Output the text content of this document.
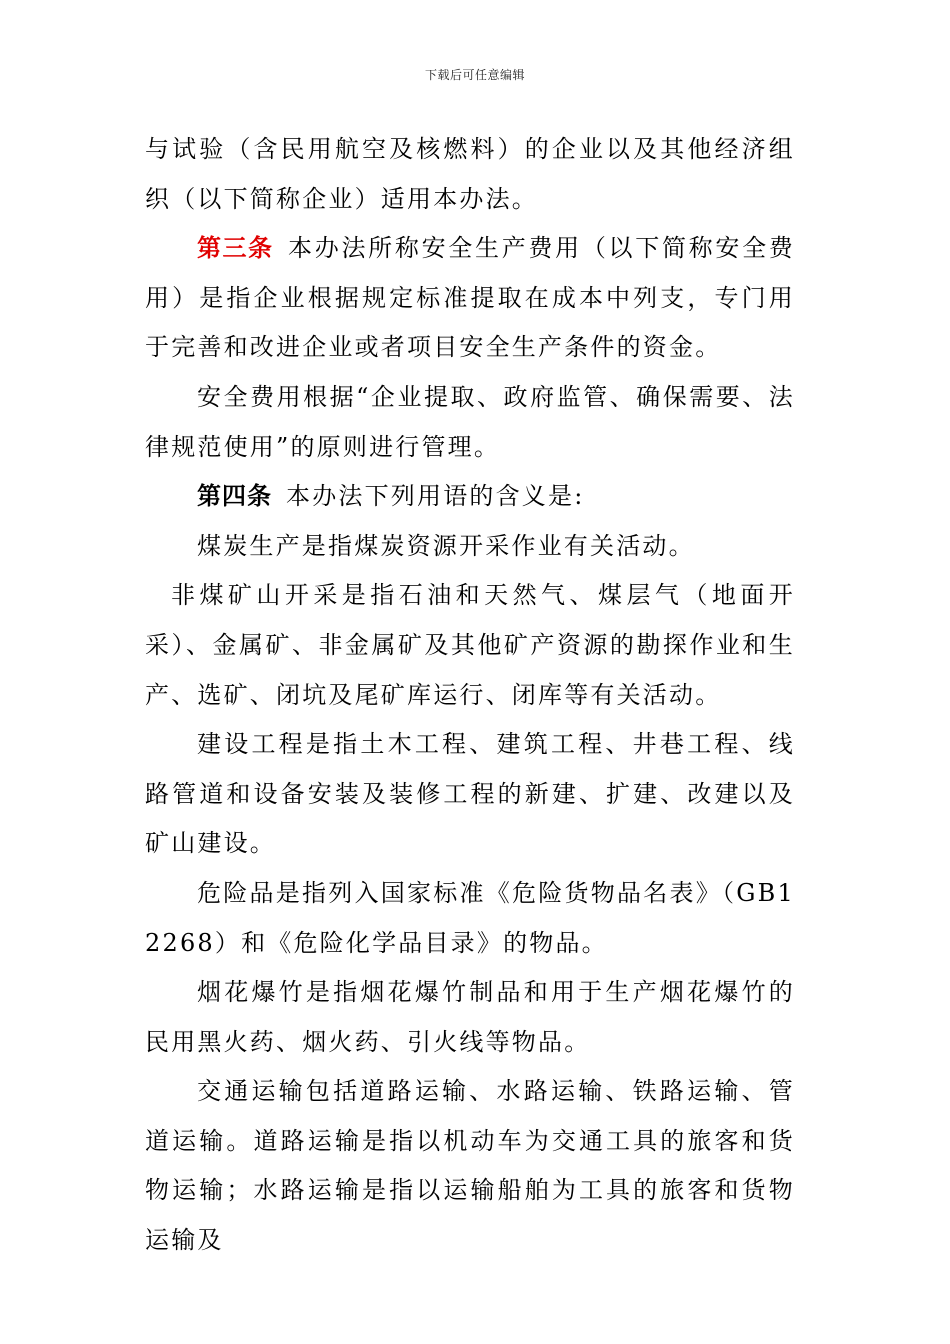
下载后可任意编辑

与试验（含民用航空及核燃料）的企业以及其他经济组织（以下简称企业）适用本办法。

第三条 本办法所称安全生产费用（以下简称安全费用）是指企业根据规定标准提取在成本中列支，专门用于完善和改进企业或者项目安全生产条件的资金。

安全费用根据“企业提取、政府监管、确保需要、法律规范使用”的原则进行管理。

第四条 本办法下列用语的含义是:

煤炭生产是指煤炭资源开采作业有关活动。

非煤矿山开采是指石油和天然气、煤层气（地面开采）、金属矿、非金属矿及其他矿产资源的勘探作业和生产、选矿、闭坑及尾矿库运行、闭库等有关活动。

建设工程是指土木工程、建筑工程、井巷工程、线路管道和设备安装及装修工程的新建、扩建、改建以及矿山建设。

危险品是指列入国家标准《危险货物品名表》（GB12268）和《危险化学品目录》的物品。

烟花爆竹是指烟花爆竹制品和用于生产烟花爆竹的民用黑火药、烟火药、引火线等物品。

交通运输包括道路运输、水路运输、铁路运输、管道运输。道路运输是指以机动车为交通工具的旅客和货物运输；水路运输是指以运输船舶为工具的旅客和货物运输及
